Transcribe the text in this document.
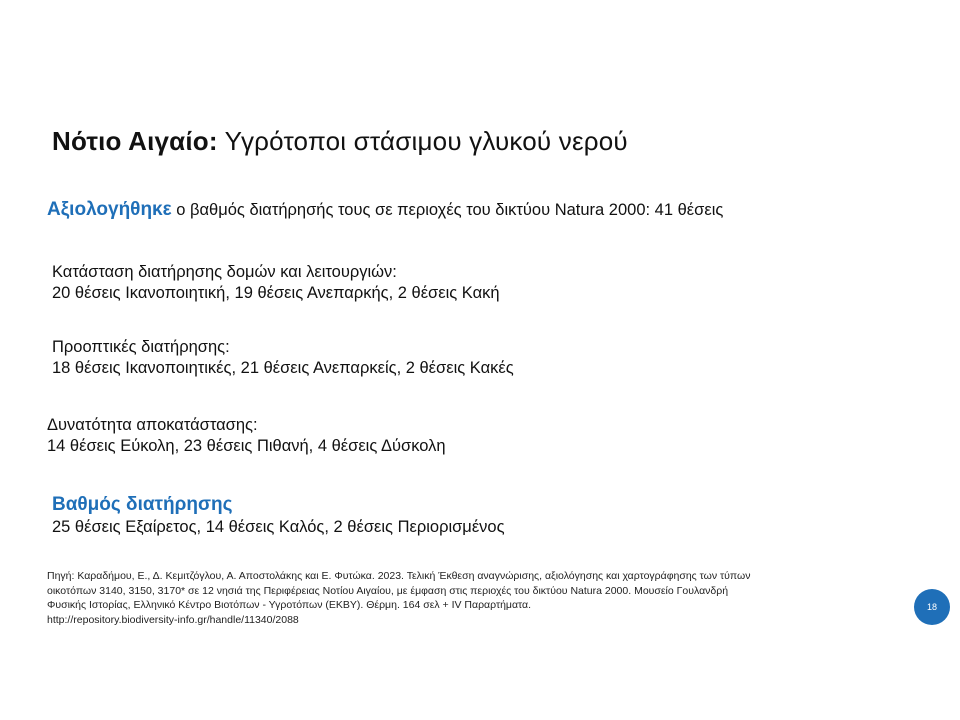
Νότιο Αιγαίο: Υγρότοποι στάσιμου γλυκού νερού
Αξιολογήθηκε ο βαθμός διατήρησής τους σε περιοχές του δικτύου Natura 2000: 41 θέσεις
Κατάσταση διατήρησης δομών και λειτουργιών:
20 θέσεις Ικανοποιητική, 19 θέσεις Ανεπαρκής, 2 θέσεις Κακή
Προοπτικές διατήρησης:
18 θέσεις Ικανοποιητικές, 21 θέσεις Ανεπαρκείς, 2 θέσεις Κακές
Δυνατότητα αποκατάστασης:
14 θέσεις Εύκολη, 23 θέσεις Πιθανή, 4 θέσεις Δύσκολη
Βαθμός διατήρησης
25 θέσεις Εξαίρετος, 14 θέσεις Καλός, 2 θέσεις Περιορισμένος
Πηγή: Καραδήμου, Ε., Δ. Κεμιτζόγλου, Α. Αποστολάκης και Ε. Φυτώκα. 2023. Τελική Έκθεση αναγνώρισης, αξιολόγησης και χαρτογράφησης των τύπων
οικοτόπων 3140, 3150, 3170* σε 12 νησιά της Περιφέρειας Νοτίου Αιγαίου, με έμφαση στις περιοχές του δικτύου Natura 2000. Μουσείο Γουλανδρή
Φυσικής Ιστορίας, Ελληνικό Κέντρο Βιοτόπων - Υγροτόπων (ΕΚΒΥ). Θέρμη. 164 σελ + IV Παραρτήματα.
http://repository.biodiversity-info.gr/handle/11340/2088
18
